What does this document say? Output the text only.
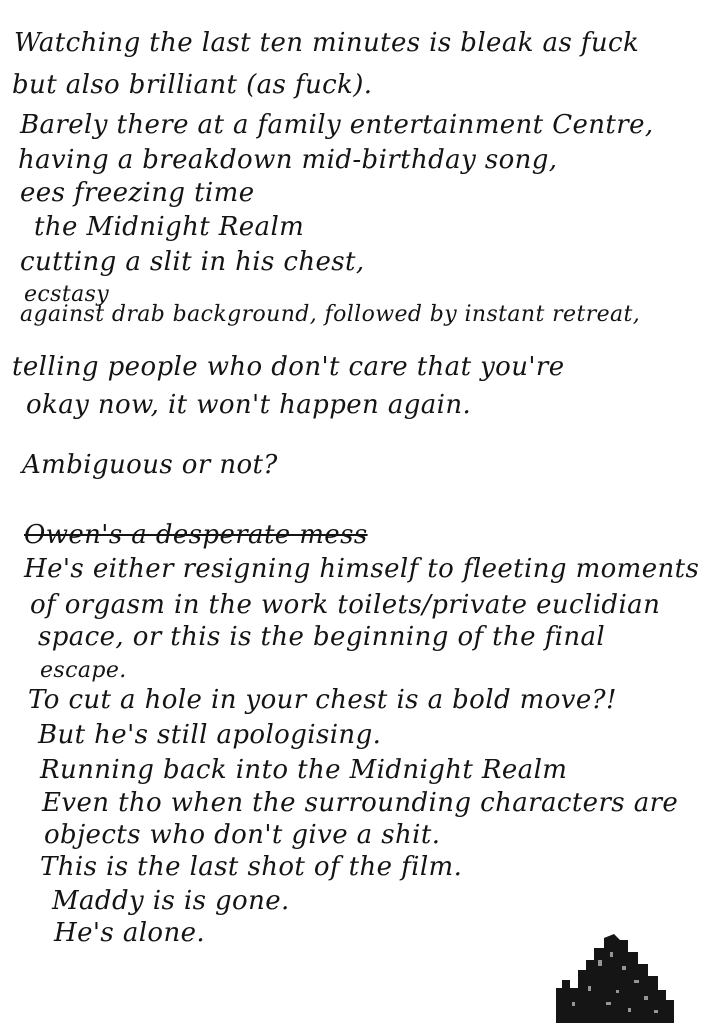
Watching the last ten minutes is bleak as fuck
but also brilliant (as fuck).
Barely there at a family entertainment Centre,
having a breakdown mid-birthday song,
ees freezing time
the Midnight Realm
cutting a slit in his chest,
ecstasy
against drab background, followed by instant retreat,
telling people who don't care that you're
okay now, it won't happen again.
Ambiguous or not?
Owen's a desperate mess
He's either resigning himself to fleeting moments
of orgasm in the work toilets/private euclidian
space, or this is the beginning of the final
escape.
To cut a hole in your chest is a bold move?!
But he's still apologising.
Running back into the Midnight Realm
Even tho when the surrounding characters are
objects who don't give a shit.
This is the last shot of the film.
Maddy is is gone.
He's alone.
